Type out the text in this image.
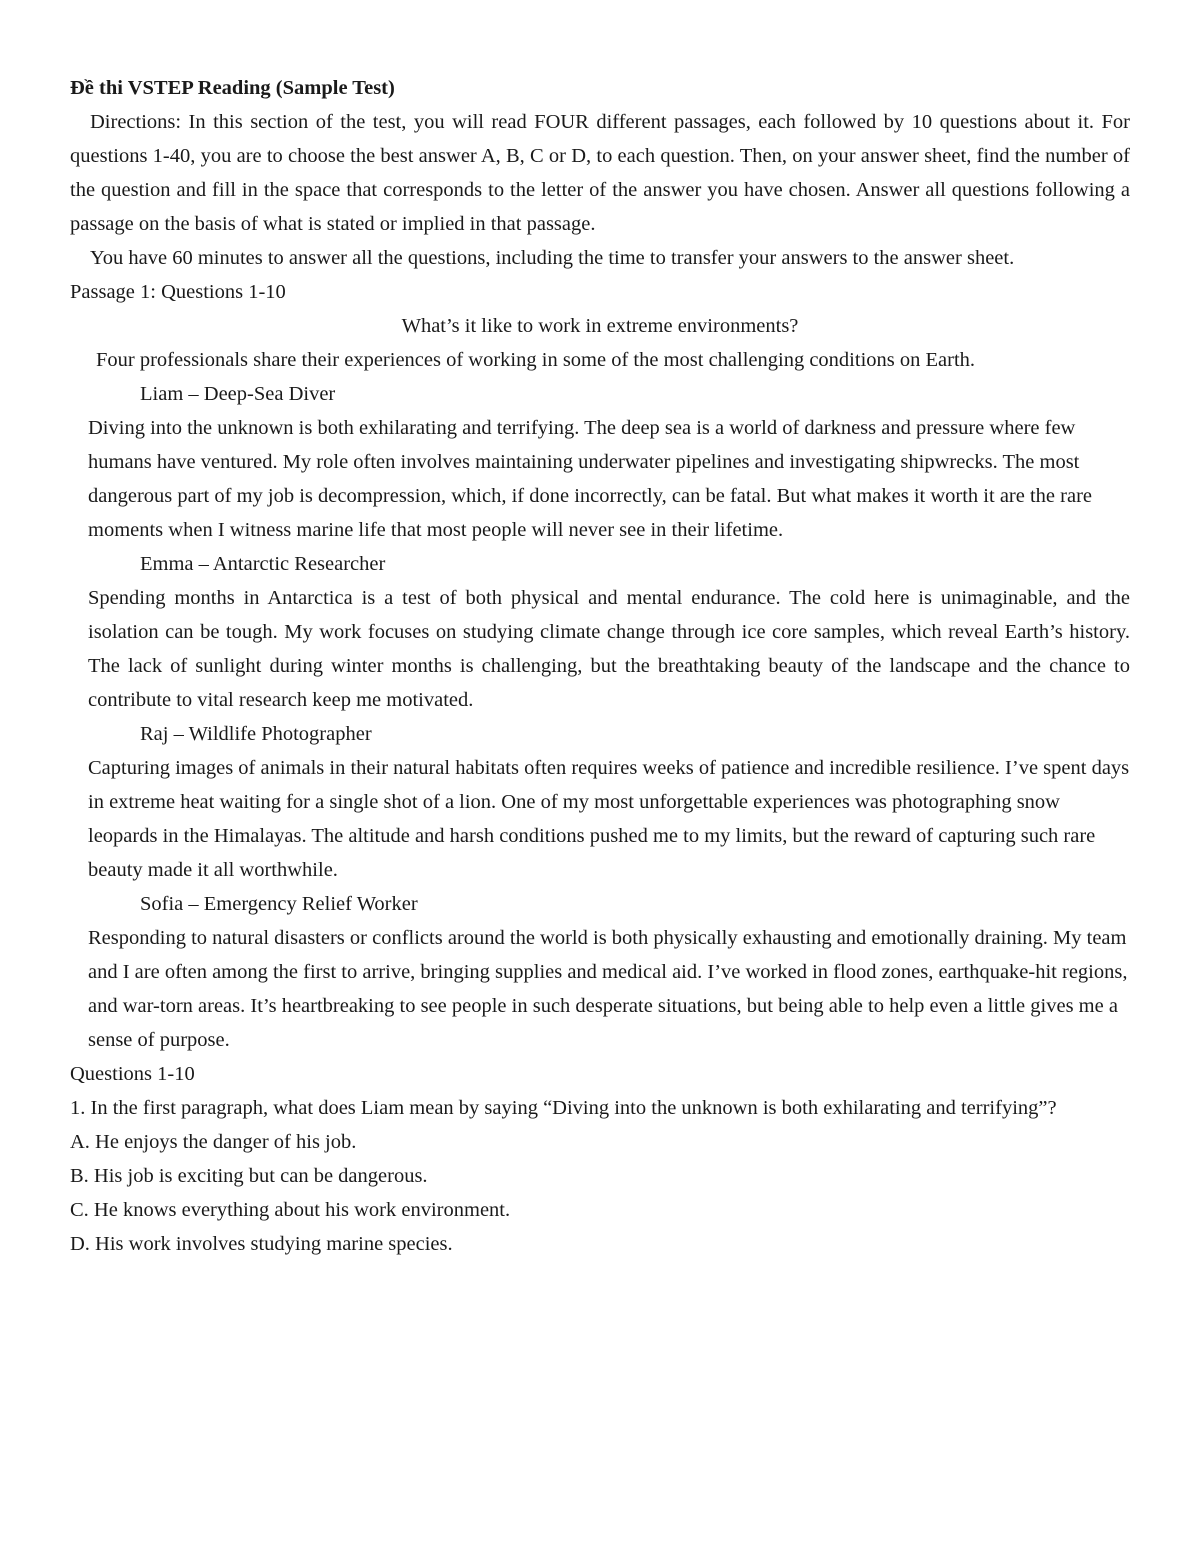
Đề thi VSTEP Reading (Sample Test)

Directions: In this section of the test, you will read FOUR different passages, each followed by 10 questions about it. For questions 1-40, you are to choose the best answer A, B, C or D, to each question. Then, on your answer sheet, find the number of the question and fill in the space that corresponds to the letter of the answer you have chosen. Answer all questions following a passage on the basis of what is stated or implied in that passage.

You have 60 minutes to answer all the questions, including the time to transfer your answers to the answer sheet.

Passage 1: Questions 1-10

What’s it like to work in extreme environments?

Four professionals share their experiences of working in some of the most challenging conditions on Earth.

Liam – Deep-Sea Diver

Diving into the unknown is both exhilarating and terrifying. The deep sea is a world of darkness and pressure where few humans have ventured. My role often involves maintaining underwater pipelines and investigating shipwrecks. The most dangerous part of my job is decompression, which, if done incorrectly, can be fatal. But what makes it worth it are the rare moments when I witness marine life that most people will never see in their lifetime.

Emma – Antarctic Researcher

Spending months in Antarctica is a test of both physical and mental endurance. The cold here is unimaginable, and the isolation can be tough. My work focuses on studying climate change through ice core samples, which reveal Earth’s history. The lack of sunlight during winter months is challenging, but the breathtaking beauty of the landscape and the chance to contribute to vital research keep me motivated.

Raj – Wildlife Photographer

Capturing images of animals in their natural habitats often requires weeks of patience and incredible resilience. I’ve spent days in extreme heat waiting for a single shot of a lion. One of my most unforgettable experiences was photographing snow leopards in the Himalayas. The altitude and harsh conditions pushed me to my limits, but the reward of capturing such rare beauty made it all worthwhile.

Sofia – Emergency Relief Worker

Responding to natural disasters or conflicts around the world is both physically exhausting and emotionally draining. My team and I are often among the first to arrive, bringing supplies and medical aid. I’ve worked in flood zones, earthquake-hit regions, and war-torn areas. It’s heartbreaking to see people in such desperate situations, but being able to help even a little gives me a sense of purpose.

Questions 1-10

1. In the first paragraph, what does Liam mean by saying “Diving into the unknown is both exhilarating and terrifying”?

A. He enjoys the danger of his job.

B. His job is exciting but can be dangerous.

C. He knows everything about his work environment.

D. His work involves studying marine species.
